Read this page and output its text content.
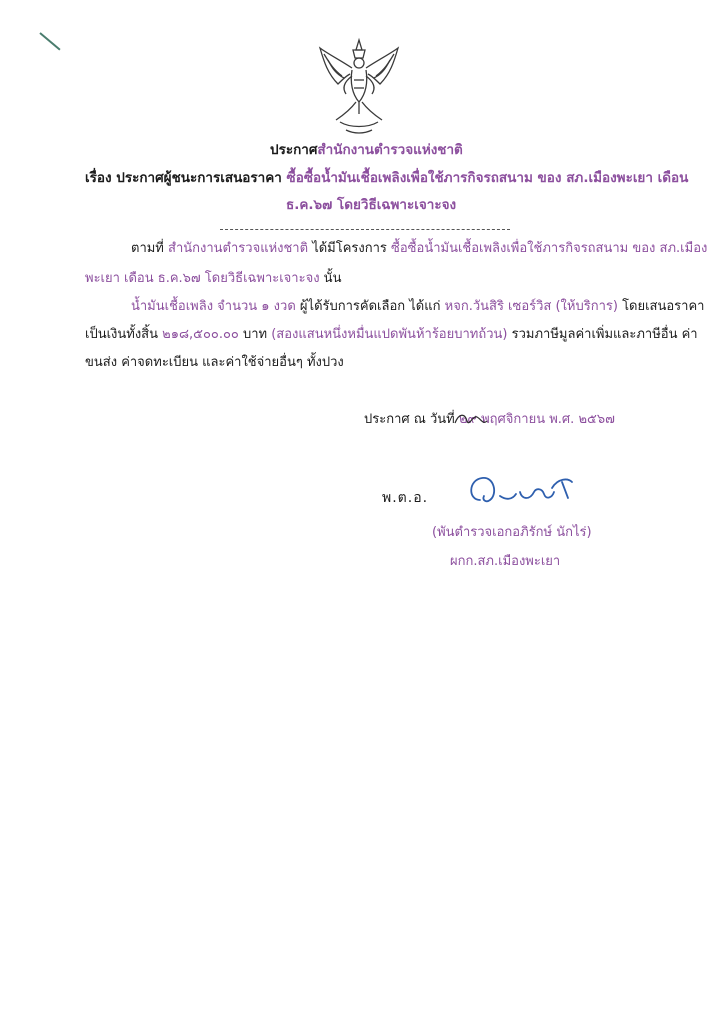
ประกาศสำนักงานตำรวจแห่งชาติ
เรื่อง ประกาศผู้ชนะการเสนอราคา ซื้อซื้อน้ำมันเชื้อเพลิงเพื่อใช้ภารกิจรถสนาม ของ สภ.เมืองพะเยา เดือน
ธ.ค.๖๗ โดยวิธีเฉพาะเจาะจง
ตามที่ สำนักงานตำรวจแห่งชาติ ได้มีโครงการ ซื้อซื้อน้ำมันเชื้อเพลิงเพื่อใช้ภารกิจรถสนาม ของ สภ.เมือง
พะเยา เดือน ธ.ค.๖๗ โดยวิธีเฉพาะเจาะจง นั้น
น้ำมันเชื้อเพลิง จำนวน ๑ งวด ผู้ได้รับการคัดเลือก ได้แก่ หจก.วันสิริ เซอร์วิส (ให้บริการ) โดยเสนอราคา
เป็นเงินทั้งสิ้น ๒๑๘,๕๐๐.๐๐ บาท (สองแสนหนึ่งหมื่นแปดพันห้าร้อยบาทถ้วน) รวมภาษีมูลค่าเพิ่มและภาษีอื่น ค่า
ขนส่ง ค่าจดทะเบียน และค่าใช้จ่ายอื่นๆ ทั้งปวง
ประกาศ ณ วันที่ ๒๙ พฤศจิกายน พ.ศ. ๒๕๖๗
พ.ต.อ.
(พันตำรวจเอกอภิรักษ์ นักไร่)
ผกก.สภ.เมืองพะเยา
